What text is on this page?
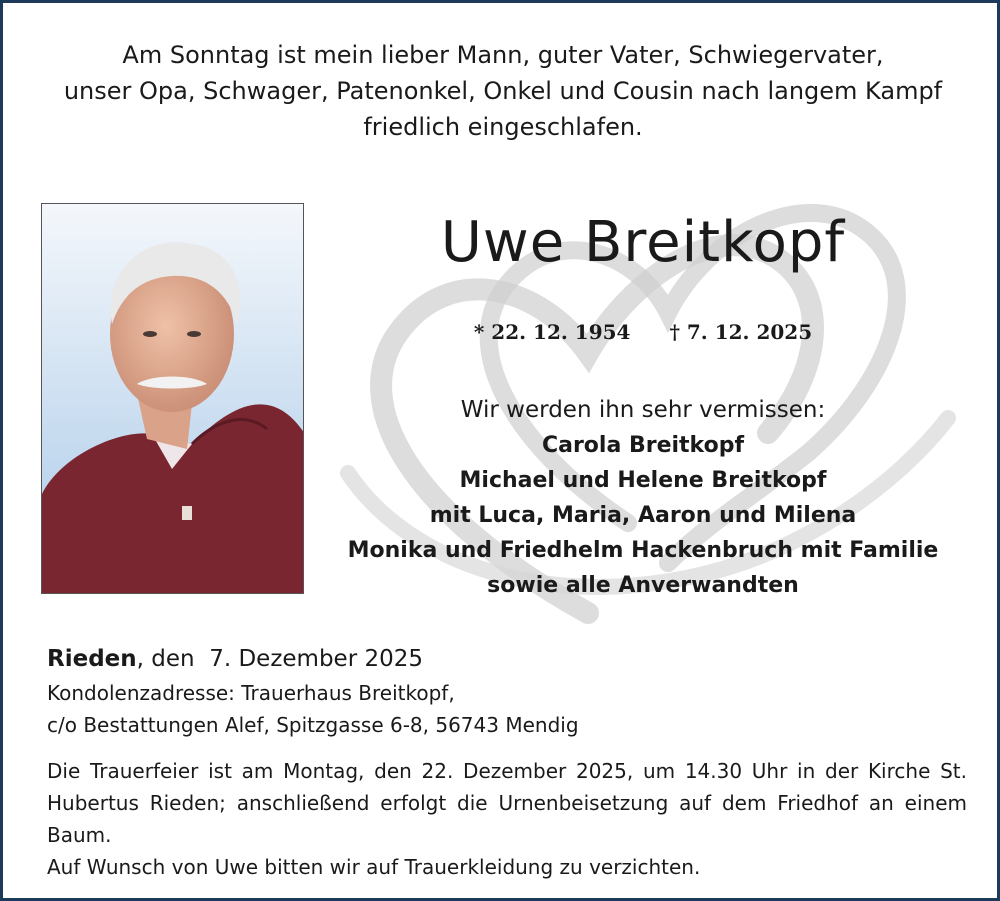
Am Sonntag ist mein lieber Mann, guter Vater, Schwiegervater,
unser Opa, Schwager, Patenonkel, Onkel und Cousin nach langem Kampf
friedlich eingeschlafen.

Uwe Breitkopf
* 22. 12. 1954 † 7. 12. 2025
Wir werden ihn sehr vermissen:
Carola Breitkopf
Michael und Helene Breitkopf
mit Luca, Maria, Aaron und Milena
Monika und Friedhelm Hackenbruch mit Familie
sowie alle Anverwandten
Rieden, den  7. Dezember 2025
Kondolenzadresse: Trauerhaus Breitkopf,
c/o Bestattungen Alef, Spitzgasse 6-8, 56743 Mendig
Die Trauerfeier ist am Montag, den 22. Dezember 2025, um 14.30 Uhr in der Kirche St. Hubertus Rieden; anschließend erfolgt die Urnenbeisetzung auf dem Friedhof an einem Baum.
Auf Wunsch von Uwe bitten wir auf Trauerkleidung zu verzichten.
